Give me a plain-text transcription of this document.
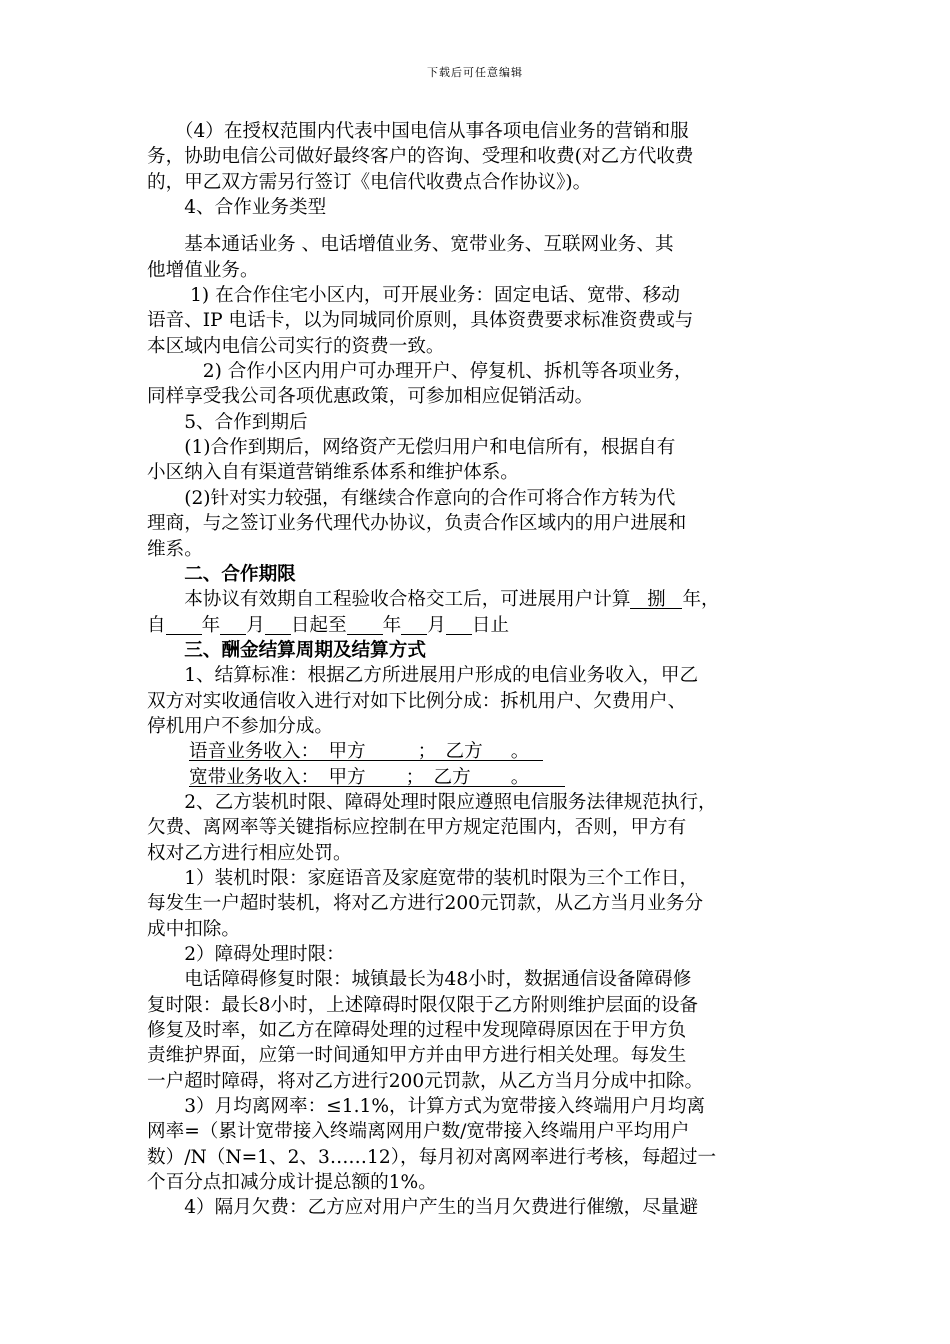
下载后可任意编辑
　　（4）在授权范围内代表中国电信从事各项电信业务的营销和服
务，协助电信公司做好最终客户的咨询、受理和收费(对乙方代收费
的，甲乙双方需另行签订《电信代收费点合作协议》)。
　　4、合作业务类型
　　基本通话业务 、电话增值业务、宽带业务、互联网业务、其
他增值业务。
　　 1) 在合作住宅小区内，可开展业务：固定电话、宽带、移动
语音、IP 电话卡，以为同城同价原则，具体资费要求标准资费或与
本区域内电信公司实行的资费一致。
　　　2) 合作小区内用户可办理开户、停复机、拆机等各项业务，
同样享受我公司各项优惠政策，可参加相应促销活动。
　　5、合作到期后
　　(1)合作到期后，网络资产无偿归用户和电信所有，根据自有
小区纳入自有渠道营销维系体系和维护体系。
　　(2)针对实力较强，有继续合作意向的合作可将合作方转为代
理商，与之签订业务代理代办协议，负责合作区域内的用户进展和
维系。
　　二、合作期限
　　本协议有效期自工程验收合格交工后，可进展用户计算 捌 年，
自 年 月 日起至 年 月 日止
　　三、酬金结算周期及结算方式
　　1、结算标准：根据乙方所进展用户形成的电信业务收入，甲乙
双方对实收通信收入进行对如下比例分成：拆机用户、欠费用户、
停机用户不参加分成。
语音业务收入：　甲方	；　乙方 。
宽带业务收入：　甲方 ；　乙方 。
　　2、乙方装机时限、障碍处理时限应遵照电信服务法律规范执行，
欠费、离网率等关键指标应控制在甲方规定范围内，否则，甲方有
权对乙方进行相应处罚。
　　1）装机时限：家庭语音及家庭宽带的装机时限为三个工作日，
每发生一户超时装机，将对乙方进行200元罚款，从乙方当月业务分
成中扣除。
　　2）障碍处理时限：
　　电话障碍修复时限：城镇最长为48小时，数据通信设备障碍修
复时限：最长8小时，上述障碍时限仅限于乙方附则维护层面的设备
修复及时率，如乙方在障碍处理的过程中发现障碍原因在于甲方负
责维护界面，应第一时间通知甲方并由甲方进行相关处理。每发生
一户超时障碍，将对乙方进行200元罚款，从乙方当月分成中扣除。
　　3）月均离网率：≤1.1%，计算方式为宽带接入终端用户月均离
网率=（累计宽带接入终端离网用户数/宽带接入终端用户平均用户
数）/N（N=1、2、3……12），每月初对离网率进行考核，每超过一
个百分点扣减分成计提总额的1%。
　　4）隔月欠费：乙方应对用户产生的当月欠费进行催缴，尽量避
